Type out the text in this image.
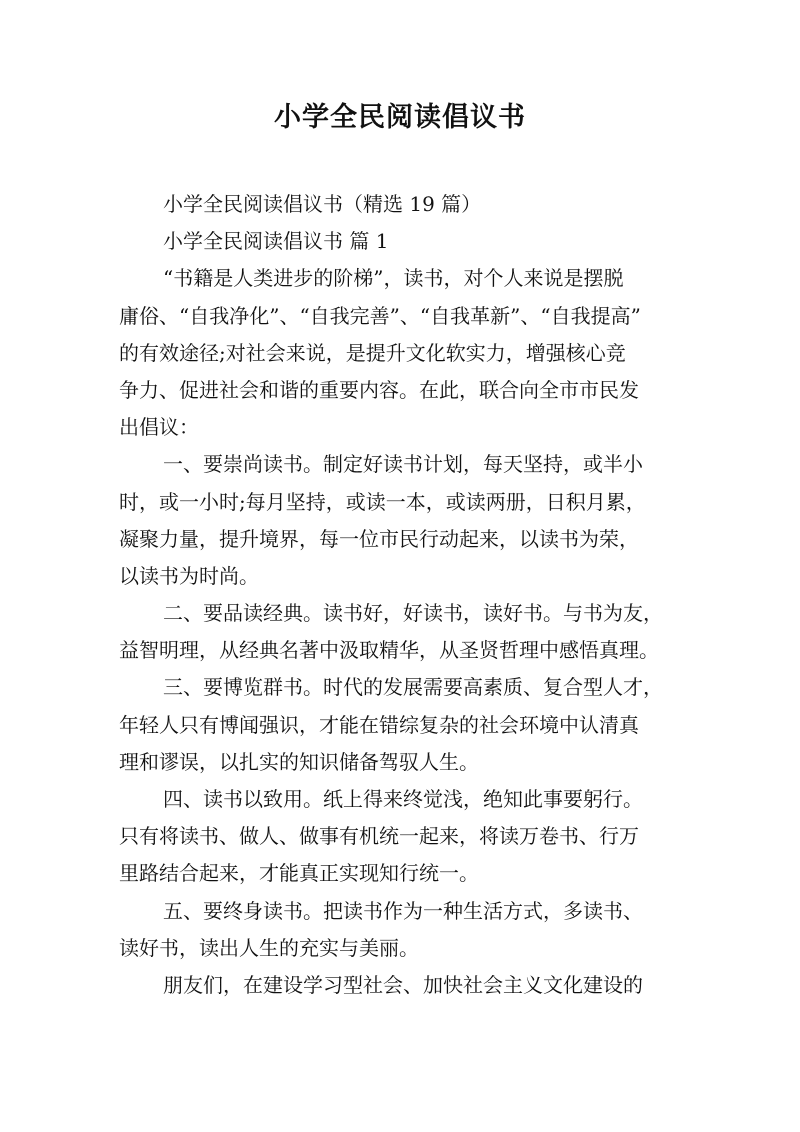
小学全民阅读倡议书
小学全民阅读倡议书（精选 19 篇）
小学全民阅读倡议书 篇 1
“书籍是人类进步的阶梯”，读书，对个人来说是摆脱
庸俗、“自我净化”、“自我完善”、“自我革新”、“自我提高”
的有效途径;对社会来说，是提升文化软实力，增强核心竞
争力、促进社会和谐的重要内容。在此，联合向全市市民发
出倡议：
一、要崇尚读书。制定好读书计划，每天坚持，或半小
时，或一小时;每月坚持，或读一本，或读两册，日积月累，
凝聚力量，提升境界，每一位市民行动起来，以读书为荣，
以读书为时尚。
二、要品读经典。读书好，好读书，读好书。与书为友，
益智明理，从经典名著中汲取精华，从圣贤哲理中感悟真理。
三、要博览群书。时代的发展需要高素质、复合型人才，
年轻人只有博闻强识，才能在错综复杂的社会环境中认清真
理和谬误，以扎实的知识储备驾驭人生。
四、读书以致用。纸上得来终觉浅，绝知此事要躬行。
只有将读书、做人、做事有机统一起来，将读万卷书、行万
里路结合起来，才能真正实现知行统一。
五、要终身读书。把读书作为一种生活方式，多读书、
读好书，读出人生的充实与美丽。
朋友们，在建设学习型社会、加快社会主义文化建设的
